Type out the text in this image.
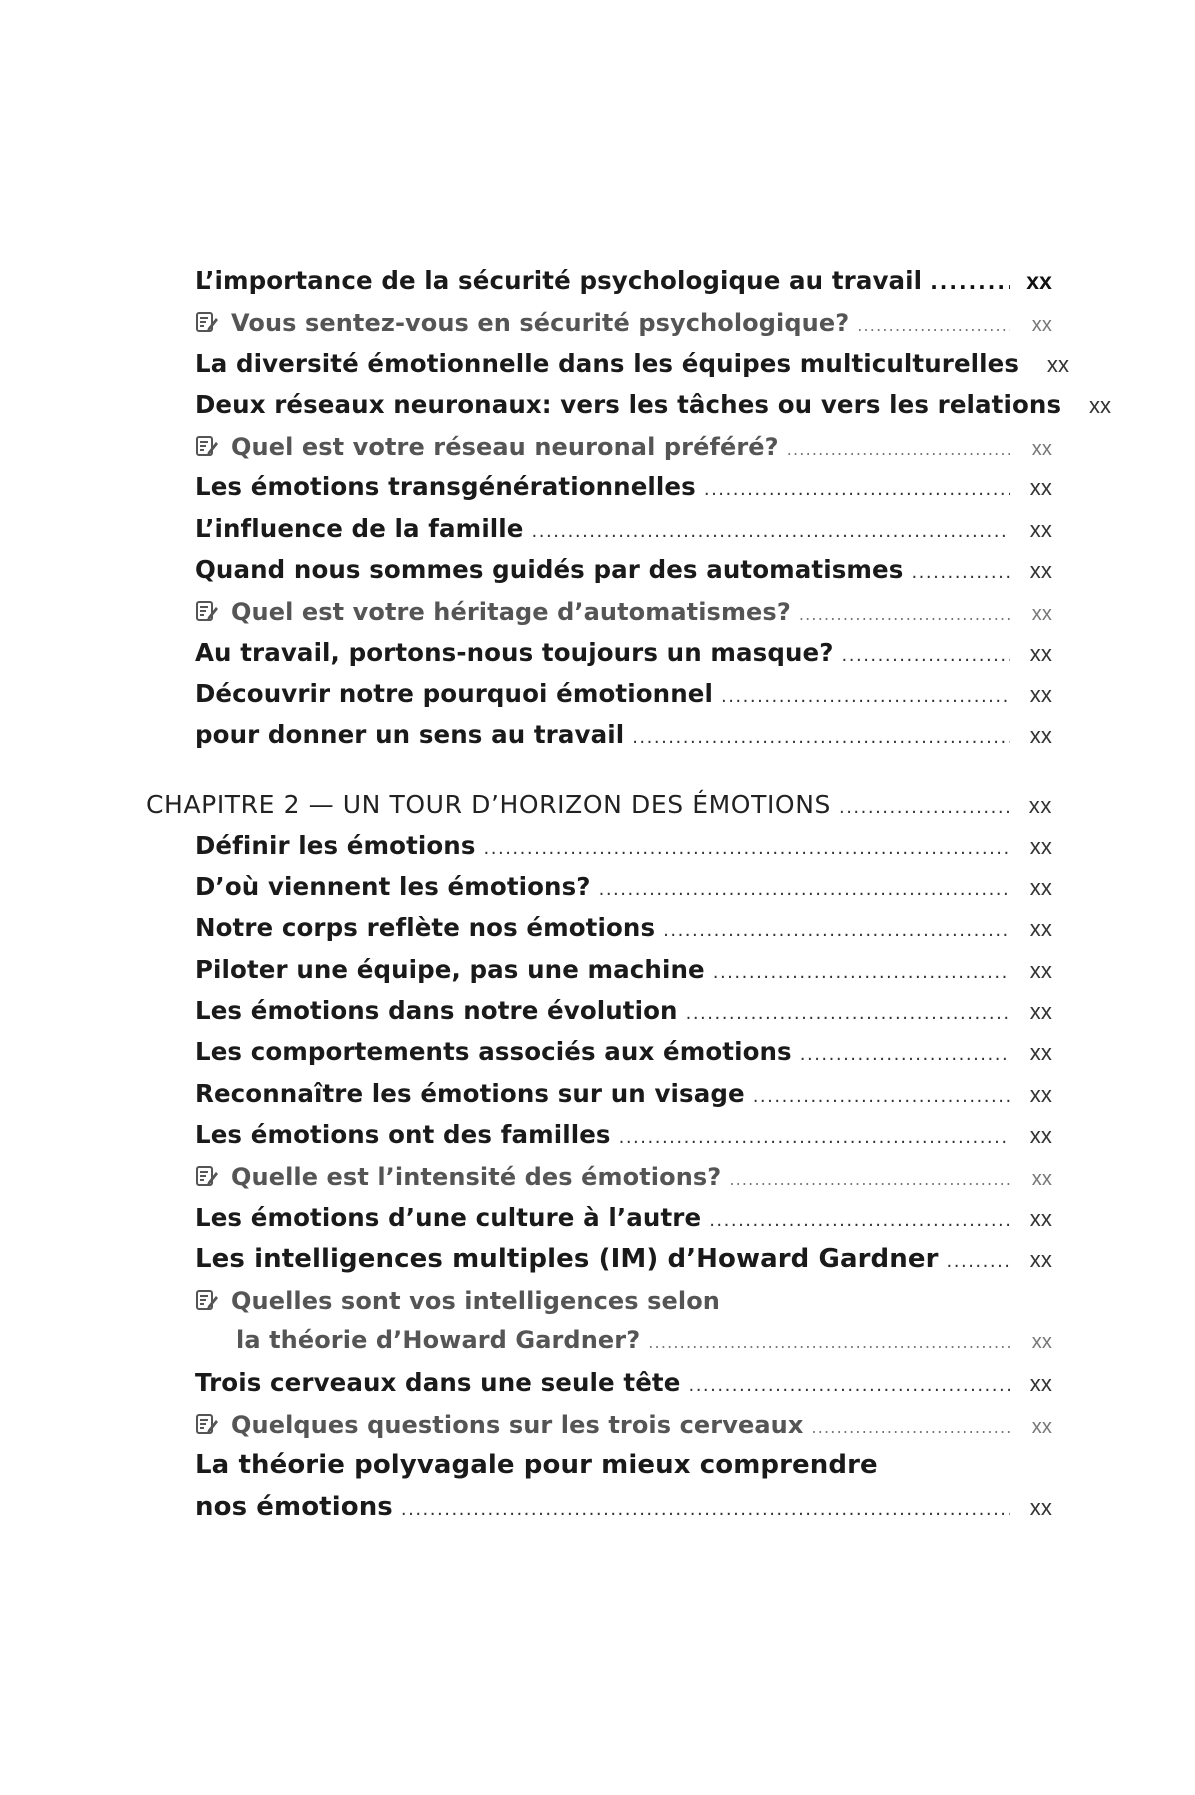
L’importance de la sécurité psychologique au travail .....	xx
Vous sentez-vous en sécurité psychologique? .....	xx
La diversité émotionnelle dans les équipes multiculturelles	xx
Deux réseaux neuronaux: vers les tâches ou vers les relations	xx
Quel est votre réseau neuronal préféré? .....	xx
Les émotions transgénérationnelles .....	xx
L’influence de la famille .....	xx
Quand nous sommes guidés par des automatismes .....	xx
Quel est votre héritage d’automatismes? .....	xx
Au travail, portons-nous toujours un masque? .....	xx
Découvrir notre pourquoi émotionnel .....	xx
pour donner un sens au travail .....	xx
CHAPITRE 2 — UN TOUR D’HORIZON DES ÉMOTIONS .....	xx
Définir les émotions .....	xx
D’où viennent les émotions? .....	xx
Notre corps reflète nos émotions .....	xx
Piloter une équipe, pas une machine .....	xx
Les émotions dans notre évolution .....	xx
Les comportements associés aux émotions .....	xx
Reconnaître les émotions sur un visage .....	xx
Les émotions ont des familles .....	xx
Quelle est l’intensité des émotions? .....	xx
Les émotions d’une culture à l’autre .....	xx
Les intelligences multiples (IM) d’Howard Gardner .....	xx
Quelles sont vos intelligences selon
la théorie d’Howard Gardner? .....	xx
Trois cerveaux dans une seule tête .....	xx
Quelques questions sur les trois cerveaux .....	xx
La théorie polyvagale pour mieux comprendre
nos émotions .....	xx
